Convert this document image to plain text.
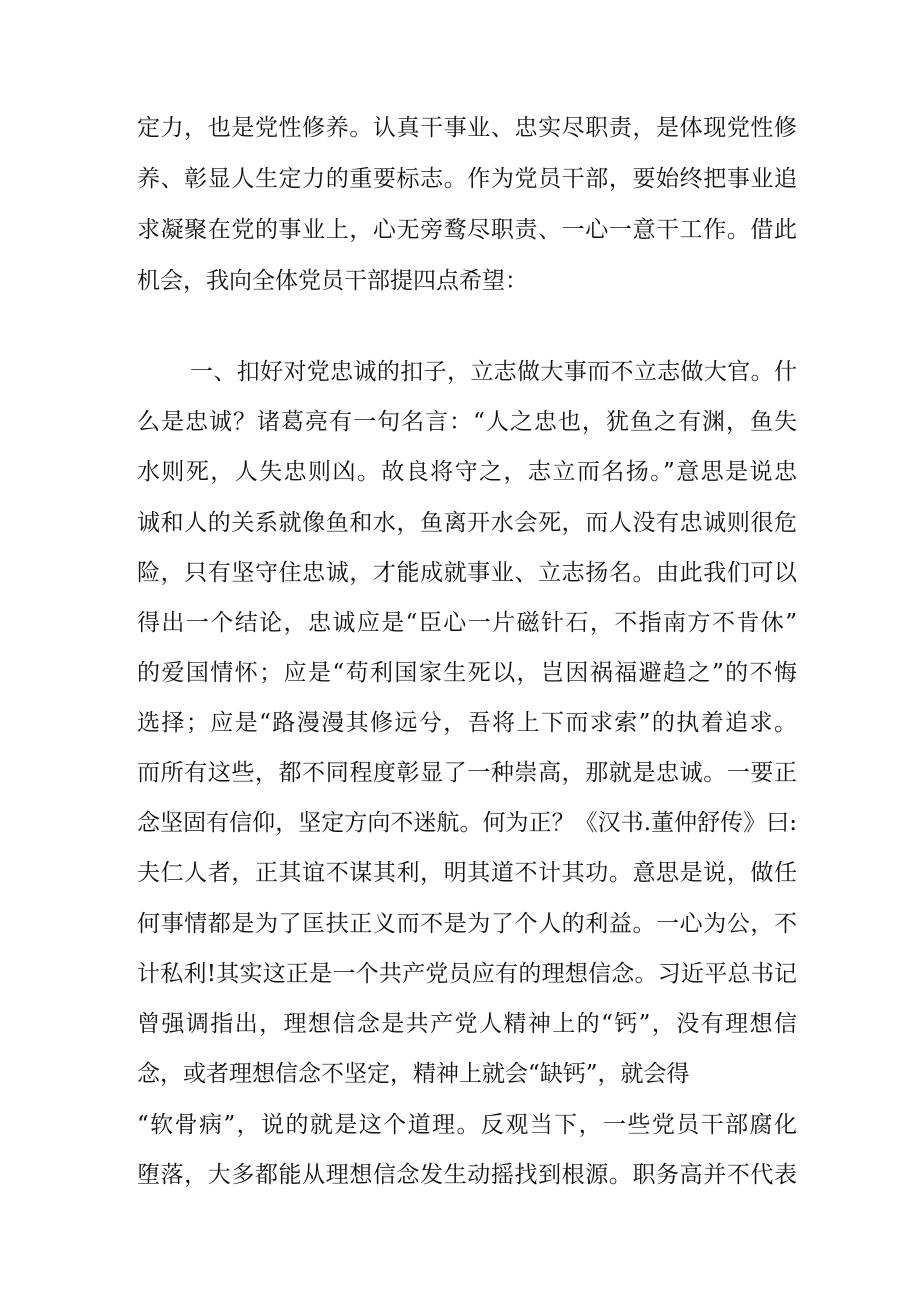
定力，也是党性修养。认真干事业、忠实尽职责，是体现党性修
养、彰显人生定力的重要标志。作为党员干部，要始终把事业追
求凝聚在党的事业上，心无旁鹜尽职责、一心一意干工作。借此
机会，我向全体党员干部提四点希望：
一、扣好对党忠诚的扣子，立志做大事而不立志做大官。什
么是忠诚？诸葛亮有一句名言：“人之忠也，犹鱼之有渊，鱼失
水则死，人失忠则凶。故良将守之，志立而名扬。”意思是说忠
诚和人的关系就像鱼和水，鱼离开水会死，而人没有忠诚则很危
险，只有坚守住忠诚，才能成就事业、立志扬名。由此我们可以
得出一个结论，忠诚应是“臣心一片磁针石，不指南方不肯休”
的爱国情怀；应是“苟利国家生死以，岂因祸福避趋之”的不悔
选择；应是“路漫漫其修远兮，吾将上下而求索”的执着追求。
而所有这些，都不同程度彰显了一种崇高，那就是忠诚。一要正
念坚固有信仰，坚定方向不迷航。何为正？《汉书.董仲舒传》曰:
夫仁人者，正其谊不谋其利，明其道不计其功。意思是说，做任
何事情都是为了匡扶正义而不是为了个人的利益。一心为公，不
计私利!其实这正是一个共产党员应有的理想信念。习近平总书记
曾强调指出，理想信念是共产党人精神上的“钙”，没有理想信
念，或者理想信念不坚定，精神上就会“缺钙”，就会得
“软骨病”，说的就是这个道理。反观当下，一些党员干部腐化
堕落，大多都能从理想信念发生动摇找到根源。职务高并不代表
